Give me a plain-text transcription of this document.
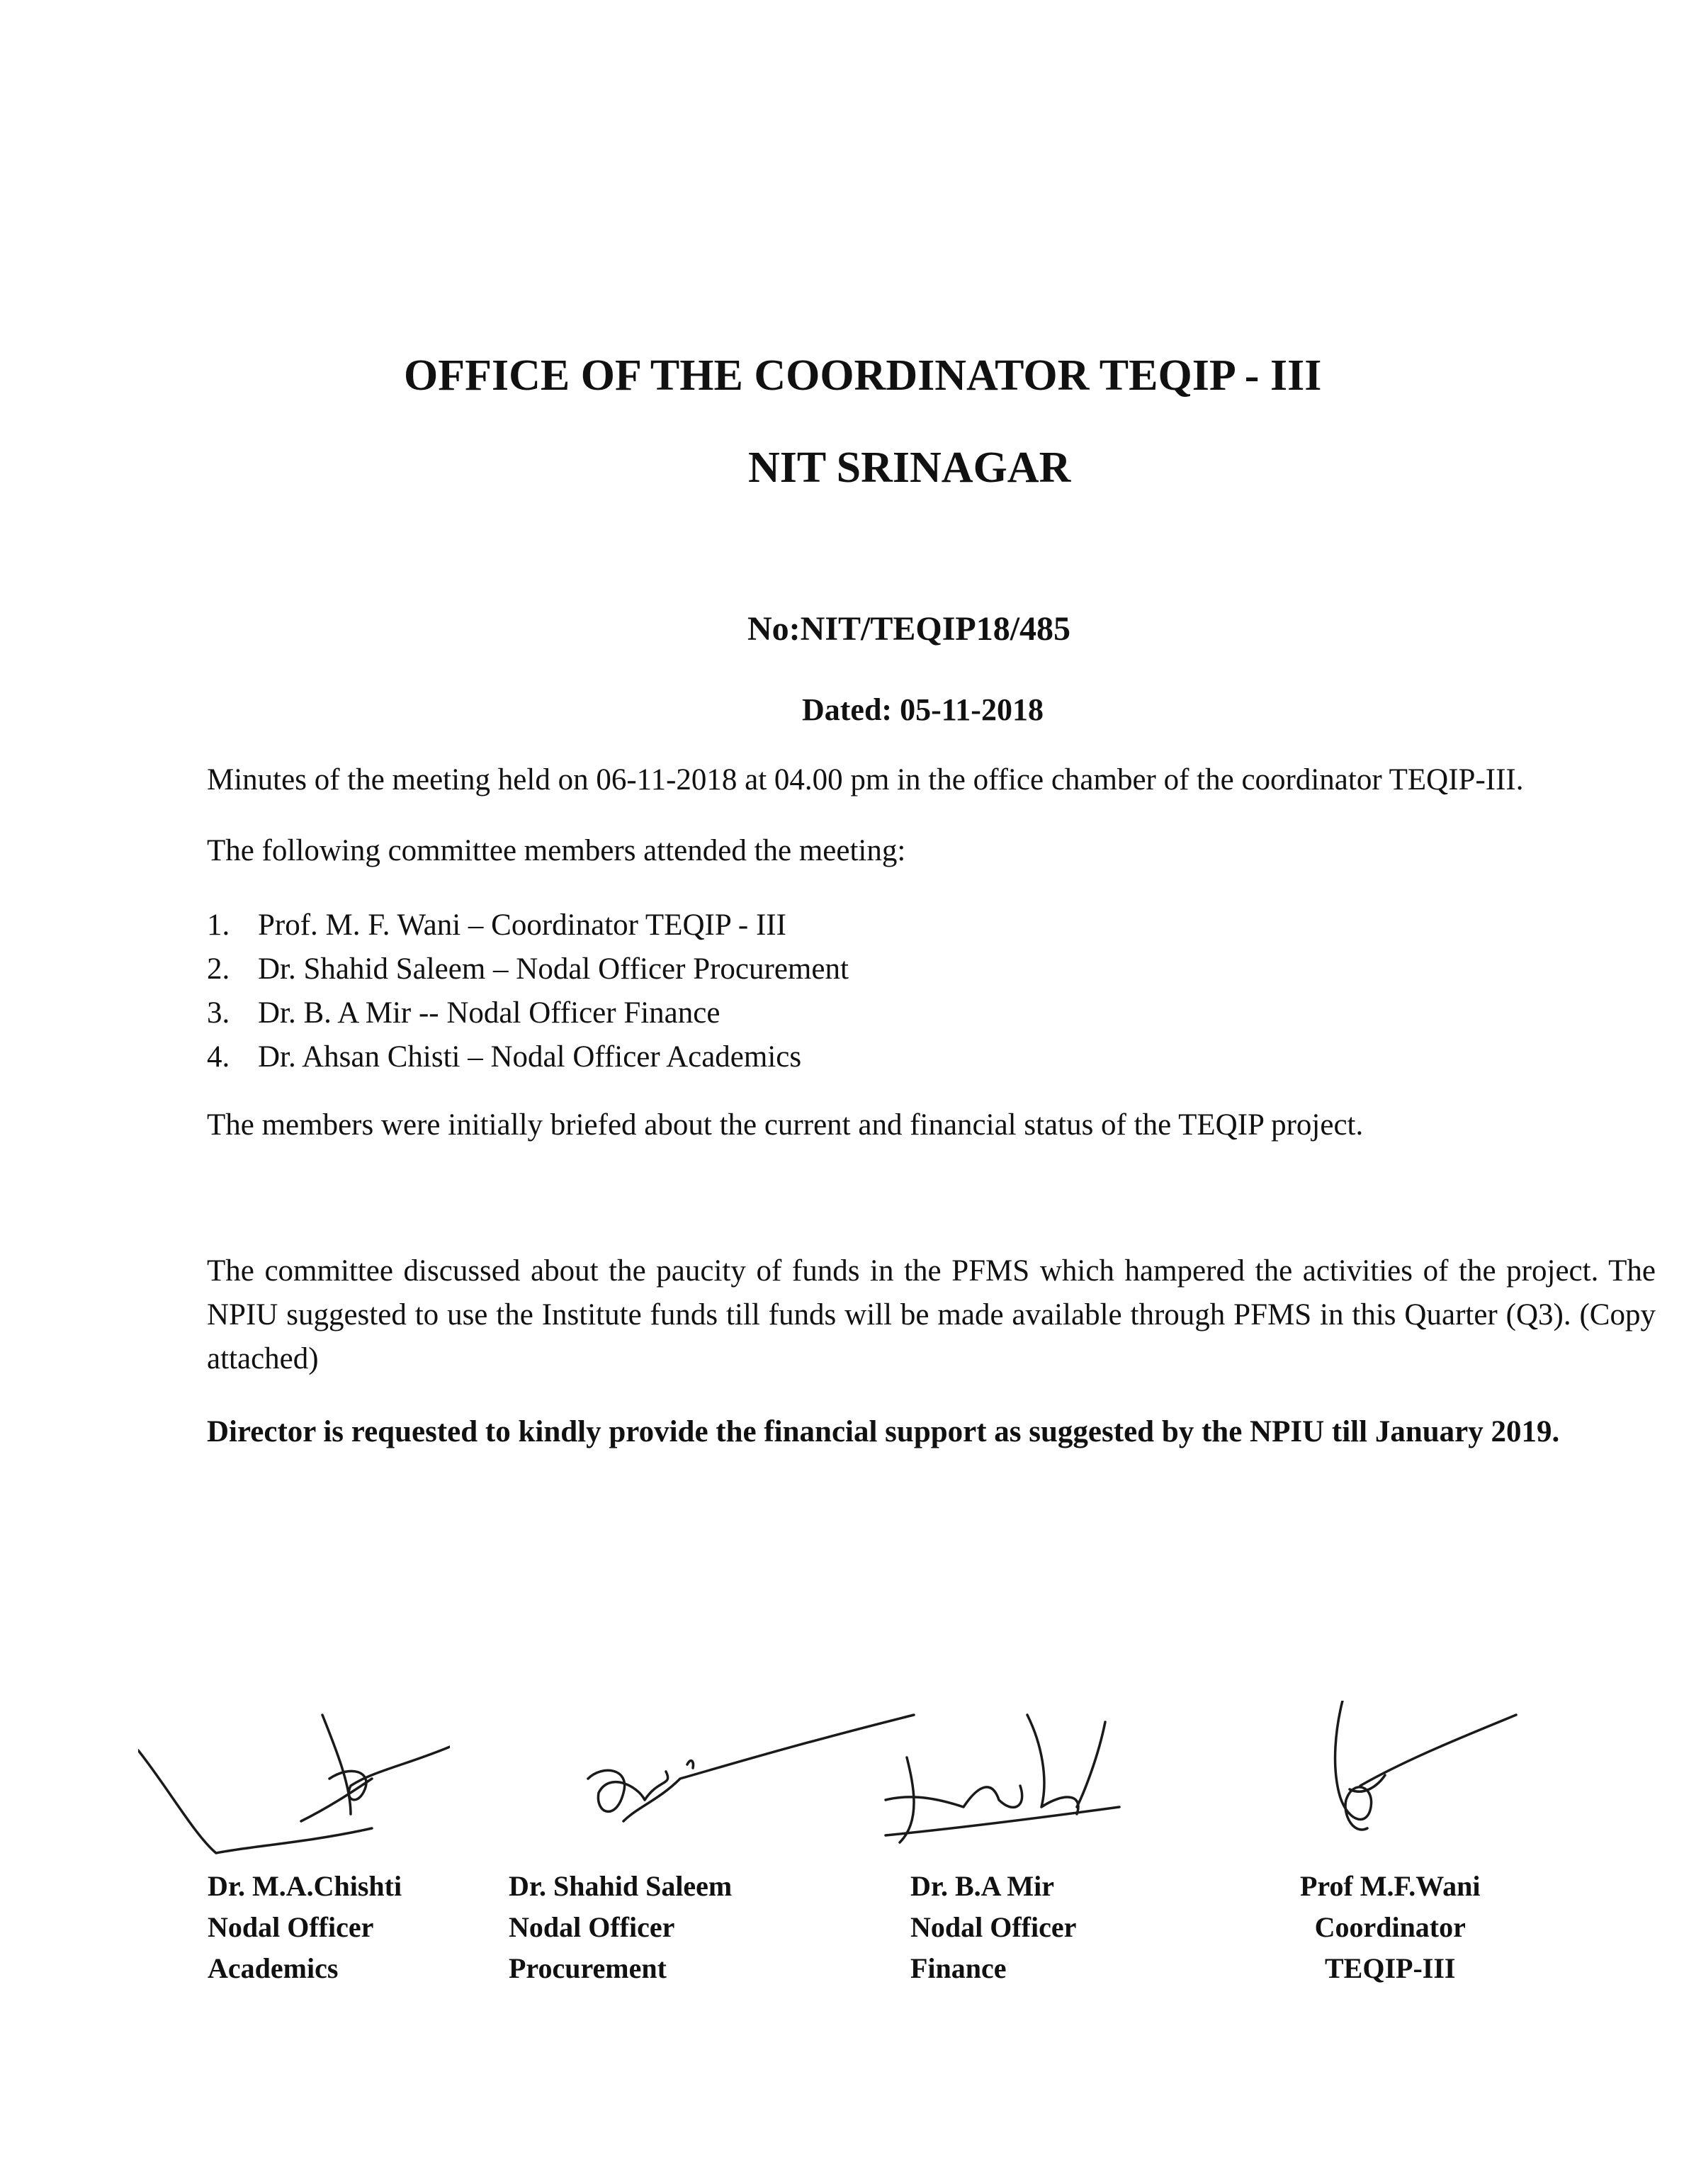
OFFICE OF THE COORDINATOR TEQIP - III
NIT SRINAGAR
No:NIT/TEQIP18/485
Dated: 05-11-2018

Minutes of the meeting held on 06-11-2018 at 04.00 pm in the office chamber of the coordinator TEQIP-III.

The following committee members attended the meeting:

1. Prof. M. F. Wani – Coordinator TEQIP - III
2. Dr. Shahid Saleem – Nodal Officer Procurement
3. Dr. B. A Mir -- Nodal Officer Finance
4. Dr. Ahsan Chisti – Nodal Officer Academics

The members were initially briefed about the current and financial status of the TEQIP project.

The committee discussed about the paucity of funds in the PFMS which hampered the activities of the project. The NPIU suggested to use the Institute funds till funds will be made available through PFMS in this Quarter (Q3). (Copy attached)

Director is requested to kindly provide the financial support as suggested by the NPIU till January 2019.

Dr. M.A.Chishti
Nodal Officer
Academics
Dr. Shahid Saleem
Nodal Officer
Procurement
Dr. B.A Mir
Nodal Officer
Finance
Prof M.F.Wani
Coordinator
TEQIP-III
